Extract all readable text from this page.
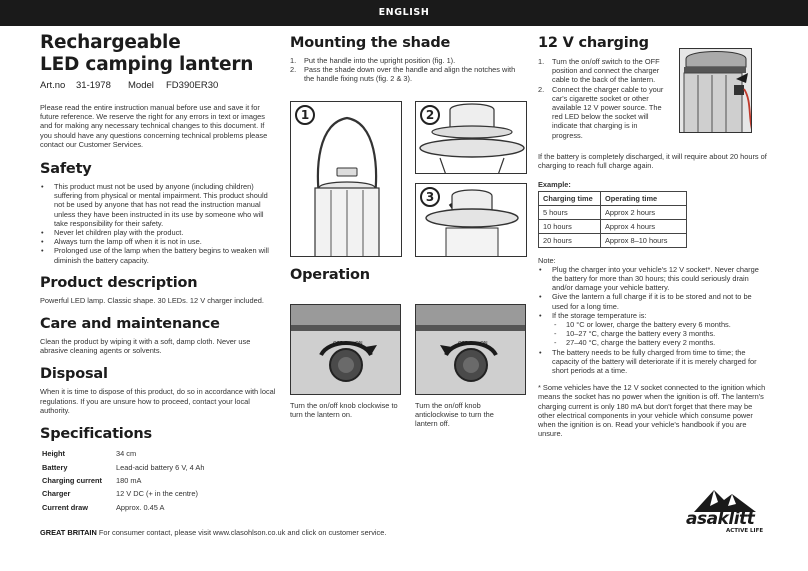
ENGLISH
Rechargeable
LED camping lantern
Art.no 31-1978 Model FD390ER30

Please read the entire instruction manual before use and save it for future reference. We reserve the right for any errors in text or images and for making any necessary technical changes to this document. If you should have any questions concerning technical problems please contact our Customer Services.

Safety
• This product must not be used by anyone (including children) suffering from physical or mental impairment. This product should not be used by anyone that has not read the instruction manual unless they have been instructed in its use by someone who will take responsibility for their safety.
• Never let children play with the product.
• Always turn the lamp off when it is not in use.
• Prolonged use of the lamp when the battery begins to weaken will diminish the battery capacity.
Product description

Powerful LED lamp. Classic shape. 30 LEDs. 12 V charger included.

Care and maintenance

Clean the product by wiping it with a soft, damp cloth. Never use abrasive cleaning agents or solvents.

Disposal

When it is time to dispose of this product, do so in accordance with local regulations. If you are unsure how to proceed, contact your local authority.

Specifications
Height	34 cm
Battery	Lead-acid battery 6 V, 4 Ah
Charging current	180 mA
Charger	12 V DC (+ in the centre)
Current draw	Approx. 0.45 A
Mounting the shade
1. Put the handle into the upright position (fig. 1).
2. Pass the shade down over the handle and align the notches with the handle fixing nuts (fig. 2 & 3).
1	2
3
Operation
OFF ON	OFF ON

Turn the on/off knob clockwise to turn the lantern on.

Turn the on/off knob anticlockwise to turn the lantern off.

12 V charging
1. Turn the on/off switch to the OFF position and connect the charger cable to the back of the lantern.
2. Connect the charger cable to your car's cigarette socket or other available 12 V power source. The red LED below the socket will indicate that charging is in progress.

If the battery is completely discharged, it will require about 20 hours of charging to reach full charge again.

Example:

Charging time	Operating time
5 hours	Approx 2 hours
10 hours	Approx 4 hours
20 hours	Approx 8–10 hours

Note:

• Plug the charger into your vehicle's 12 V socket*. Never charge the battery for more than 30 hours; this could seriously drain and/or damage your vehicle battery.
• Give the lantern a full charge if it is to be stored and not to be used for a long time.
• If the storage temperature is:
- 10 °C or lower, charge the battery every 6 months.
- 10–27 °C, charge the battery every 3 months.
- 27–40 °C, charge the battery every 2 months.
• The battery needs to be fully charged from time to time; the capacity of the battery will deteriorate if it is merely charged for short periods at a time.

* Some vehicles have the 12 V socket connected to the ignition which means the socket has no power when the ignition is off. The lantern's charging current is only 180 mA but don't forget that there may be other electrical components in your vehicle which consume power when the ignition is on. Read your vehicle's handbook if you are unsure.

asaklitt
ACTIVE LIFE
GREAT BRITAIN For consumer contact, please visit www.clasohlson.co.uk and click on customer service.
